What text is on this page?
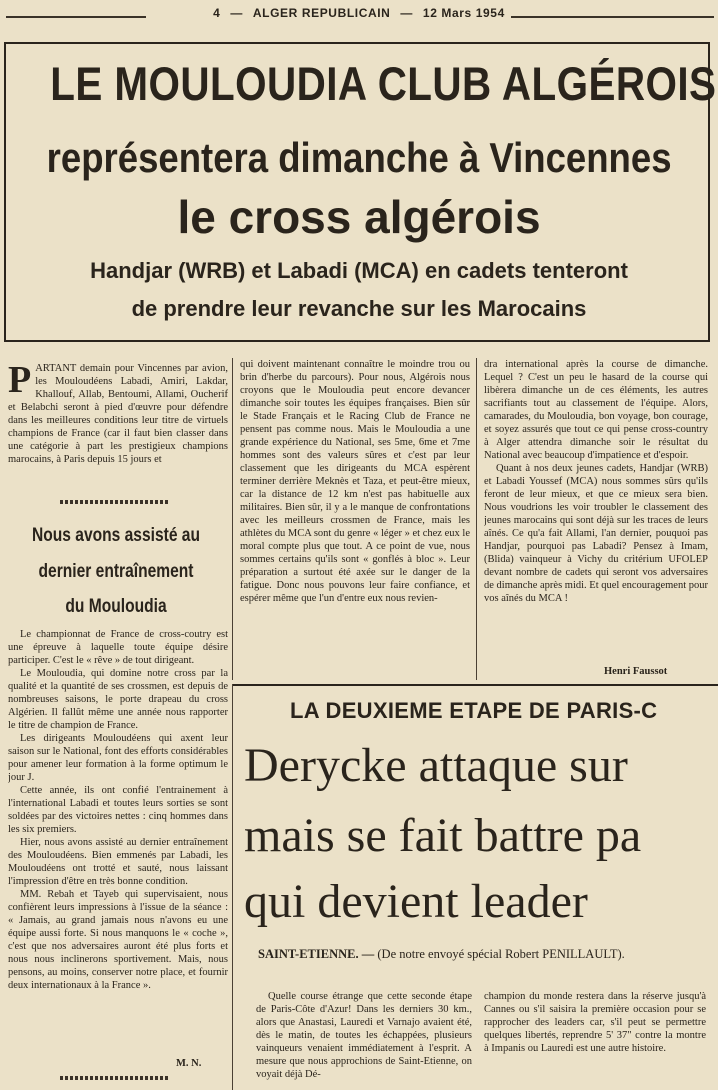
4 — ALGER REPUBLICAIN — 12 Mars 1954
LE MOULOUDIA CLUB ALGÉROIS
représentera dimanche à Vincennes
le cross algérois
Handjar (WRB) et Labadi (MCA) en cadets tenteront
de prendre leur revanche sur les Marocains
P ARTANT demain pour Vincennes par avion, les Mouloudéens Labadi, Amiri, Lakdar, Khallouf, Allab, Bentoumi, Allami, Oucherif et Belabchi seront à pied d'œuvre pour défendre dans les meilleures conditions leur titre de virtuels champions de France (car il faut bien classer dans une catégorie à part les prestigieux champions marocains, à Paris depuis 15 jours et
Nous avons assisté au
dernier entraînement
du Mouloudia

Le championnat de France de cross-coutry est une épreuve à laquelle toute équipe désire participer. C'est le « rêve » de tout dirigeant.

Le Mouloudia, qui domine notre cross par la qualité et la quantité de ses crossmen, est depuis de nombreuses saisons, le porte drapeau du cross Algérien. Il fallût même une année nous rapporter le titre de champion de France.

Les dirigeants Mouloudéens qui axent leur saison sur le National, font des efforts considérables pour amener leur formation à la forme optimum le jour J.

Cette année, ils ont confié l'entrainement à l'international Labadi et toutes leurs sorties se sont soldées par des victoires nettes : cinq hommes dans les six premiers.

Hier, nous avons assisté au dernier entraînement des Mouloudéens. Bien emmenés par Labadi, les Mouloudéens ont trotté et sauté, nous laissant l'impression d'être en très bonne condition.

MM. Rebah et Tayeb qui supervisaient, nous confièrent leurs impressions à l'issue de la séance : « Jamais, au grand jamais nous n'avons eu une équipe aussi forte. Si nous manquons le « coche », c'est que nos adversaires auront été plus forts et nous nous inclinerons sportivement. Mais, nous pensons, au moins, conserver notre place, et fournir deux internationaux à la France ».

M. N.

qui doivent maintenant connaître le moindre trou ou brin d'herbe du parcours). Pour nous, Algérois nous croyons que le Mouloudia peut encore devancer dimanche soir toutes les équipes françaises. Bien sûr le Stade Français et le Racing Club de France ne pensent pas comme nous. Mais le Mouloudia a une grande expérience du National, ses 5me, 6me et 7me hommes sont des valeurs sûres et c'est par leur classement que les dirigeants du MCA espèrent terminer derrière Meknès et Taza, et peut-être mieux, car la distance de 12 km n'est pas habituelle aux militaires. Bien sûr, il y a le manque de confrontations avec les meilleurs crossmen de France, mais les athlètes du MCA sont du genre « léger » et chez eux le moral compte plus que tout. A ce point de vue, nous sommes certains qu'ils sont « gonflés à bloc ». Leur préparation a surtout été axée sur le danger de la fatigue. Donc nous pouvons leur faire confiance, et espérer même que l'un d'entre eux nous revien-

dra international après la course de dimanche. Lequel ? C'est un peu le hasard de la course qui libèrera dimanche un de ces éléments, les autres sacrifiants tout au classement de l'équipe. Alors, camarades, du Mouloudia, bon voyage, bon courage, et soyez assurés que tout ce qui pense cross-country à Alger attendra dimanche soir le résultat du National avec beaucoup d'impatience et d'espoir.

Quant à nos deux jeunes cadets, Handjar (WRB) et Labadi Youssef (MCA) nous sommes sûrs qu'ils feront de leur mieux, et que ce mieux sera bien. Nous voudrions les voir troubler le classement des jeunes marocains qui sont déjà sur les traces de leurs aînés. Ce qu'a fait Allami, l'an dernier, pouquoi pas Handjar, pourquoi pas Labadi? Pensez à Imam, (Blida) vainqueur à Vichy du critérium UFOLEP devant nombre de cadets qui seront vos adversaires de dimanche après midi. Et quel encouragement pour vos aînés du MCA !

Henri Faussot
LA DEUXIEME ETAPE DE PARIS-C
Derycke attaque sur
mais se fait battre pa
qui devient leader
SAINT-ETIENNE. — (De notre envoyé spécial Robert PENILLAULT).

Quelle course étrange que cette seconde étape de Paris-Côte d'Azur! Dans les derniers 30 km., alors que Anastasi, Lauredi et Varnajo avaient été, dès le matin, de toutes les échappées, plusieurs vainqueurs venaient immédiatement à l'esprit. A mesure que nous approchions de Saint-Etienne, on voyait déjà Dé-

champion du monde restera dans la réserve jusqu'à Cannes ou s'il saisira la première occasion pour se rapprocher des leaders car, s'il peut se permettre quelques libertés, reprendre 5' 37" contre la montre à Impanis ou Lauredi est une autre histoire.
